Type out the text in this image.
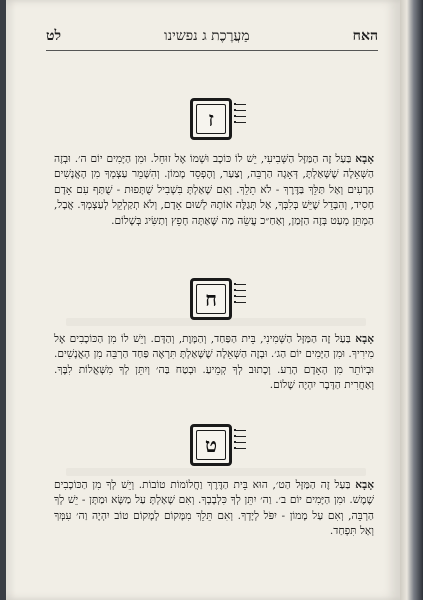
האח
מַעֲרֶכֶת ג נפשינו
לט
ז
אָבָא בַּעַל זֶה הַמַּזָּל הַשְּׁבִיעִי, יֵשׁ לוֹ כּוֹכָב וּשְׁמוֹ אֶל זוּחֵל. וּמִן הַיָּמִים יוֹם ה׳. וּבְזֶה הַשְּׁאֵלָה שֶׁשָּׁאַלְתָּ, דְּאָגָה הַרְבֵּה, וְצַעַר, וְהֶפְסֵד מָמוֹן. וְהִשָּׁמֵר עַצְמְךָ מִן הָאֲנָשִׁים הָרָעִים וְאַל תַּלֵּךְ בַּדֶּרֶךְ - לֹא תֵלֵךְ. וְאִם שָׁאַלְתָּ בִּשְׁבִיל שֻׁתָּפוּת - שֻׁתַּף עִם אָדָם חָסִיד, וְהִבָּדֵל שֶׁיֵּשׁ בְּלִבְּךָ, אַל תְּגַלֶּה אוֹתָהּ לְשׁוּם אָדָם, וְלֹא תְקַלְקֵל לְעַצְמְךָ. אֲבָל, הַמְתֵּן מְעַט בְּזֶה הַזְּמַן, וְאַחַ״כ עֲשֵׂה מַה שֶּׁאַתָּה חָפֵץ וְתַשִּׂיג בְּשָׁלוֹם.
ח
אָבָא בַּעַל זֶה הַמַּזָּל הַשְּׁמִינִי, בֵּית הַפַּחַד, וְהַמָּוֶת, וְהַדָּם. וְיֵשׁ לוֹ מִן הַכּוֹכָבִים אֶל מִירִיךְ. וּמִן הַיָּמִים יוֹם הַג׳. וּבְזֶה הַשְּׁאֵלָה שֶׁשָּׁאַלְתָּ תִּרְאֶה פַּחַד הַרְבֵּה מִן הָאֲנָשִׁים. וּבְיוֹתֵר מִן הָאָדָם הָרַע. וְכָתוּב לְךָ קְמֵיעַ. וּבְטַח בַּה׳ וְיִתֵּן לְךָ מִשְּׁאֲלוֹת לִבֶּךָ. וְאַחֲרִית הַדָּבָר יִהְיֶה שָׁלוֹם.
ט
אָבָא בַּעַל זֶה הַמַּזָּל הַט׳, הוּא בֵּית הַדֶּרֶךְ וַחֲלוֹמוֹת טוֹבוֹת. וְיֵשׁ לְךָ מִן הַכּוֹכָבִים שֶׁמֶשׁ. וּמִן הַיָּמִים יוֹם ב׳. וַה׳ יִתֵּן לְךָ כִּלְבָבְךָ. וְאִם שָׁאַלְתָּ עַל מַשָּׂא וּמַתָּן - יֵשׁ לְךָ הַרְבֵּה, וְאִם עַל מָמוֹן - יִפֹּל לְיָדְךָ. וְאִם תֵּלֵךְ מִמָּקוֹם לְמָקוֹם טוֹב יִהְיֶה וַה׳ עִמְּךָ וְאַל תִּפְחַד.
